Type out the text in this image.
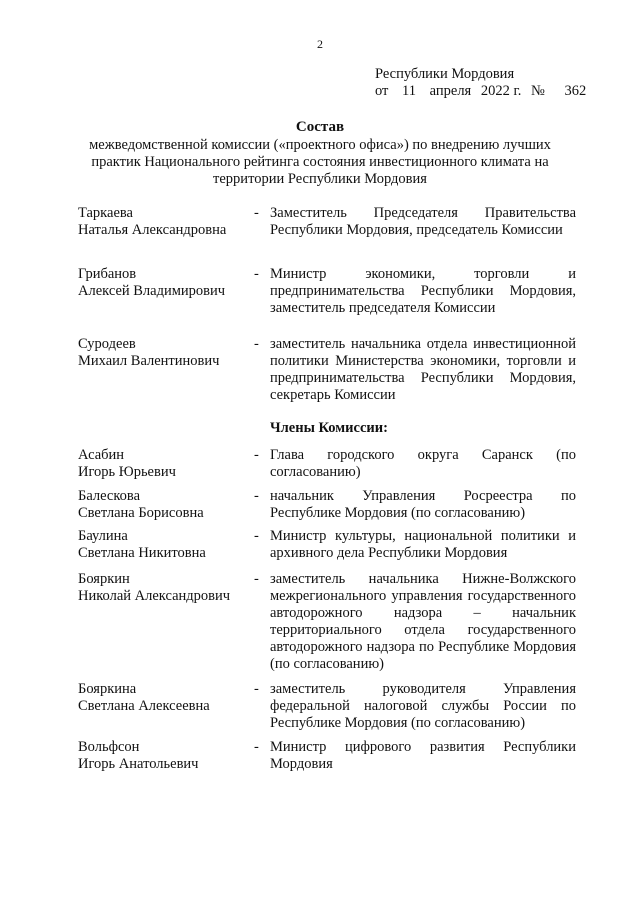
2
Республики Мордовия
от 11 апреля 2022 г. № 362
Состав
межведомственной комиссии («проектного офиса») по внедрению лучших практик Национального рейтинга состояния инвестиционного климата на территории Республики Мордовия
Таркаева
Наталья Александровна
- Заместитель Председателя Правительства Республики Мордовия, председатель Комиссии
Грибанов
Алексей Владимирович
- Министр экономики, торговли и предпринимательства Республики Мордовия, заместитель председателя Комиссии
Суродеев
Михаил Валентинович
- заместитель начальника отдела инвестиционной политики Министерства экономики, торговли и предпринимательства Республики Мордовия, секретарь Комиссии
Члены Комиссии:
Асабин
Игорь Юрьевич
- Глава городского округа Саранск (по согласованию)
Балескова
Светлана Борисовна
- начальник Управления Росреестра по Республике Мордовия (по согласованию)
Баулина
Светлана Никитовна
- Министр культуры, национальной политики и архивного дела Республики Мордовия
Бояркин
Николай Александрович
- заместитель начальника Нижне-Волжского межрегионального управления государственного автодорожного надзора – начальник территориального отдела государственного автодорожного надзора по Республике Мордовия (по согласованию)
Бояркина
Светлана Алексеевна
- заместитель руководителя Управления федеральной налоговой службы России по Республике Мордовия (по согласованию)
Вольфсон
Игорь Анатольевич
- Министр цифрового развития Республики Мордовия
